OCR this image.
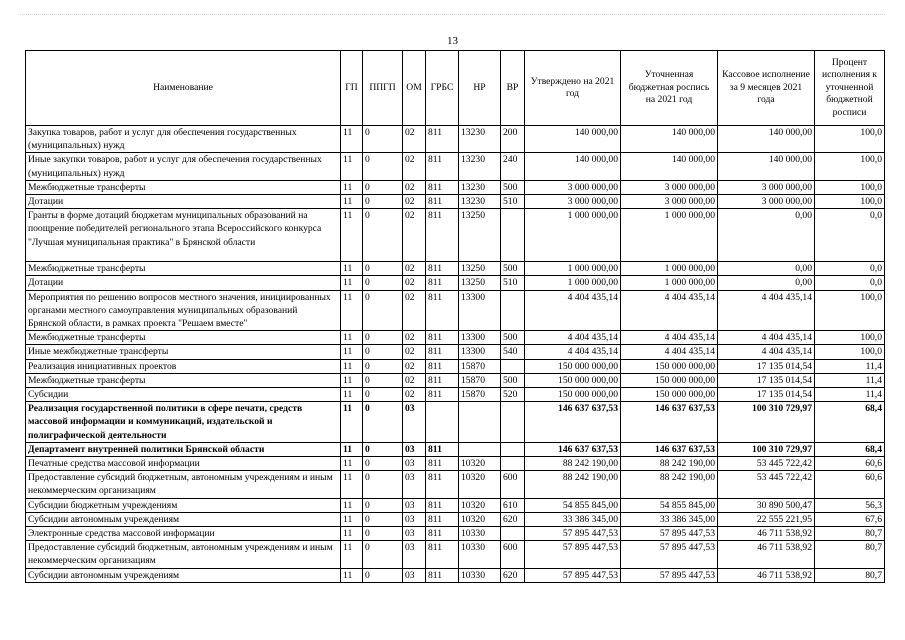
13
Наименование	ГП	ППГП	ОМ	ГРБС	НР	ВР	Утверждено на 2021 год	Уточненная бюджетная роспись на 2021 год	Кассовое исполнение за 9 месяцев 2021 года	Процент исполнения к уточненной бюджетной росписи
Закупка товаров, работ и услуг для обеспечения государственных (муниципальных) нужд	11	0	02	811	13230	200	140 000,00	140 000,00	140 000,00	100,0
Иные закупки товаров, работ и услуг для обеспечения государственных (муниципальных) нужд	11	0	02	811	13230	240	140 000,00	140 000,00	140 000,00	100,0
Межбюджетные трансферты	11	0	02	811	13230	500	3 000 000,00	3 000 000,00	3 000 000,00	100,0
Дотации	11	0	02	811	13230	510	3 000 000,00	3 000 000,00	3 000 000,00	100,0
Гранты в форме дотаций бюджетам муниципальных образований на поощрение победителей регионального этапа Всероссийского конкурса "Лучшая муниципальная практика" в Брянской области	11	0	02	811	13250		1 000 000,00	1 000 000,00	0,00	0,0
Межбюджетные трансферты	11	0	02	811	13250	500	1 000 000,00	1 000 000,00	0,00	0,0
Дотации	11	0	02	811	13250	510	1 000 000,00	1 000 000,00	0,00	0,0
Мероприятия по решению вопросов местного значения, инициированных органами местного самоуправления муниципальных образований Брянской области, в рамках проекта "Решаем вместе"	11	0	02	811	13300		4 404 435,14	4 404 435,14	4 404 435,14	100,0
Межбюджетные трансферты	11	0	02	811	13300	500	4 404 435,14	4 404 435,14	4 404 435,14	100,0
Иные межбюджетные трансферты	11	0	02	811	13300	540	4 404 435,14	4 404 435,14	4 404 435,14	100,0
Реализация инициативных проектов	11	0	02	811	15870		150 000 000,00	150 000 000,00	17 135 014,54	11,4
Межбюджетные трансферты	11	0	02	811	15870	500	150 000 000,00	150 000 000,00	17 135 014,54	11,4
Субсидии	11	0	02	811	15870	520	150 000 000,00	150 000 000,00	17 135 014,54	11,4
Реализация государственной политики в сфере печати, средств массовой информации и коммуникаций, издательской и полиграфической деятельности	11	0	03				146 637 637,53	146 637 637,53	100 310 729,97	68,4
Департамент внутренней политики Брянской области	11	0	03	811			146 637 637,53	146 637 637,53	100 310 729,97	68,4
Печатные средства массовой информации	11	0	03	811	10320		88 242 190,00	88 242 190,00	53 445 722,42	60,6
Предоставление субсидий бюджетным, автономным учреждениям и иным некоммерческим организациям	11	0	03	811	10320	600	88 242 190,00	88 242 190,00	53 445 722,42	60,6
Субсидии бюджетным учреждениям	11	0	03	811	10320	610	54 855 845,00	54 855 845,00	30 890 500,47	56,3
Субсидии автономным учреждениям	11	0	03	811	10320	620	33 386 345,00	33 386 345,00	22 555 221,95	67,6
Электронные средства массовой информации	11	0	03	811	10330		57 895 447,53	57 895 447,53	46 711 538,92	80,7
Предоставление субсидий бюджетным, автономным учреждениям и иным некоммерческим организациям	11	0	03	811	10330	600	57 895 447,53	57 895 447,53	46 711 538,92	80,7
Субсидии автономным учреждениям	11	0	03	811	10330	620	57 895 447,53	57 895 447,53	46 711 538,92	80,7
